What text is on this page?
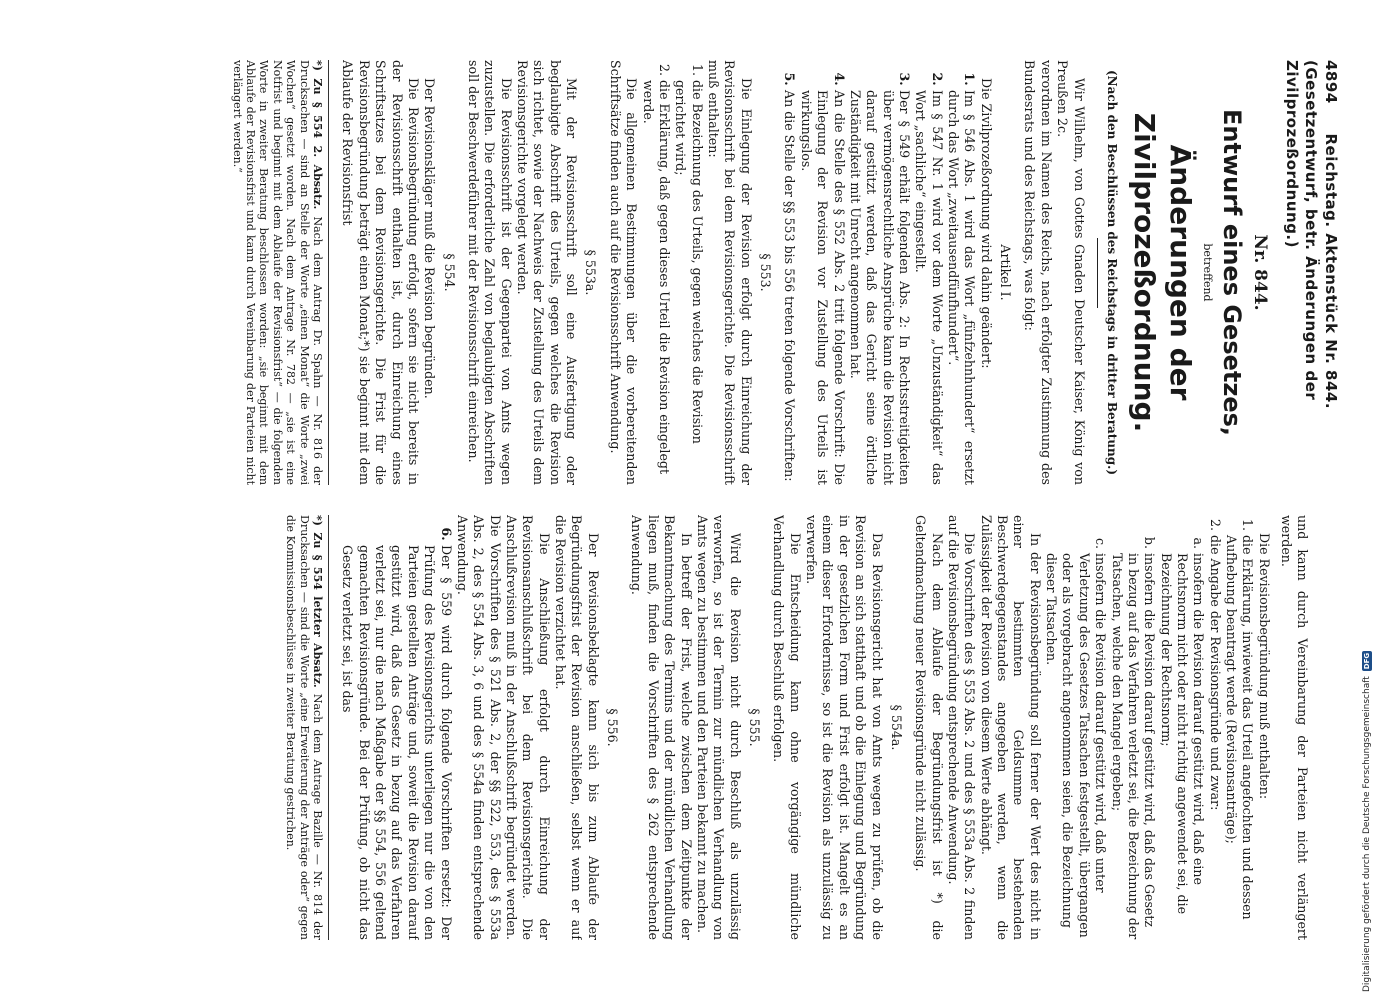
4894 Reichstag. Aktenstück Nr. 844. (Gesetzentwurf, betr. Änderungen der Zivilprozeßordnung.)
Nr. 844.
Entwurf eines Gesetzes,
betreffend
Änderungen der Zivilprozeßordnung.
(Nach den Beschlüssen des Reichstags in dritter Beratung.)

Wir Wilhelm, von Gottes Gnaden Deutscher Kaiser, König von Preußen 2c.

verordnen im Namen des Reichs, nach erfolgter Zustimmung des Bundesrats und des Reichstags, was folgt:

Artikel I.

Die Zivilprozeßordnung wird dahin geändert:

1. Im § 546 Abs. 1 wird das Wort „fünfzehnhundert“ ersetzt durch das Wort „zweitausendfünfhundert“.
2. Im § 547 Nr. 1 wird vor dem Worte „Unzuständigkeit“ das Wort „sachliche“ eingestellt.
3. Der § 549 erhält folgenden Abs. 2: In Rechtsstreitigkeiten über vermögensrechtliche Ansprüche kann die Revision nicht darauf gestützt werden, daß das Gericht seine örtliche Zuständigkeit mit Unrecht angenommen hat.
4. An die Stelle des § 552 Abs. 2 tritt folgende Vorschrift: Die Einlegung der Revision vor Zustellung des Urteils ist wirkungslos.
5. An die Stelle der §§ 553 bis 556 treten folgende Vorschriften:
§ 553.

Die Einlegung der Revision erfolgt durch Einreichung der Revisionsschrift bei dem Revisionsgerichte. Die Revisionsschrift muß enthalten:

1. die Bezeichnung des Urteils, gegen welches die Revision gerichtet wird;
2. die Erklärung, daß gegen dieses Urteil die Revision eingelegt werde.

Die allgemeinen Bestimmungen über die vorbereitenden Schriftsätze finden auch auf die Revisionsschrift Anwendung.

§ 553a.

Mit der Revisionsschrift soll eine Ausfertigung oder beglaubigte Abschrift des Urteils, gegen welches die Revision sich richtet, sowie der Nachweis der Zustellung des Urteils dem Revisionsgerichte vorgelegt werden.

Die Revisionsschrift ist der Gegenpartei von Amts wegen zuzustellen. Die erforderliche Zahl von beglaubigten Abschriften soll der Beschwerdeführer mit der Revisionsschrift einreichen.

§ 554.

Der Revisionskläger muß die Revision begründen.

Die Revisionsbegründung erfolgt, sofern sie nicht bereits in der Revisionsschrift enthalten ist, durch Einreichung eines Schriftsatzes bei dem Revisionsgerichte. Die Frist für die Revisionsbegründung beträgt einen Monat;*) sie beginnt mit dem Ablaufe der Revisionsfrist

*) Zu § 554 2. Absatz. Nach dem Antrag Dr. Spahn — Nr. 816 der Drucksachen — sind an Stelle der Worte „einen Monat“ die Worte „zwei Wochen“ gesetzt worden. Nach dem Antrage Nr. 782 — „sie ist eine Notfrist und beginnt mit dem Ablaufe der Revisionsfrist“ — die folgenden Worte in zweiter Beratung beschlossen worden: „sie beginnt mit dem Ablaufe der Revisionsfrist und kann durch Vereinbarung der Parteien nicht verlängert werden.“

und kann durch Vereinbarung der Parteien nicht verlängert werden.

Die Revisionsbegründung muß enthalten:

1. die Erklärung, inwieweit das Urteil angefochten und dessen Aufhebung beantragt werde (Revisionsanträge);
2. die Angabe der Revisionsgründe und zwar:
a. insofern die Revision darauf gestützt wird, daß eine Rechtsnorm nicht oder nicht richtig angewendet sei, die Bezeichnung der Rechtsnorm;
b. insofern die Revision darauf gestützt wird, daß das Gesetz in bezug auf das Verfahren verletzt sei, die Bezeichnung der Tatsachen, welche den Mangel ergeben;
c. insofern die Revision darauf gestützt wird, daß unter Verletzung des Gesetzes Tatsachen festgestellt, übergangen oder als vorgebracht angenommen seien, die Bezeichnung dieser Tatsachen.

In der Revisionsbegründung soll ferner der Wert des nicht in einer bestimmten Geldsumme bestehenden Beschwerdegegenstandes angegeben werden, wenn die Zulässigkeit der Revision von diesem Werte abhängt.

Die Vorschriften des § 553 Abs. 2 und des § 553a Abs. 2 finden auf die Revisionsbegründung entsprechende Anwendung.

Nach dem Ablaufe der Begründungsfrist ist *) die Geltendmachung neuer Revisionsgründe nicht zulässig.

§ 554a.

Das Revisionsgericht hat von Amts wegen zu prüfen, ob die Revision an sich statthaft und ob die Einlegung und Begründung in der gesetzlichen Form und Frist erfolgt ist. Mangelt es an einem dieser Erfordernisse, so ist die Revision als unzulässig zu verwerfen.

Die Entscheidung kann ohne vorgängige mündliche Verhandlung durch Beschluß erfolgen.

§ 555.

Wird die Revision nicht durch Beschluß als unzulässig verworfen, so ist der Termin zur mündlichen Verhandlung von Amts wegen zu bestimmen und den Parteien bekannt zu machen.

In betreff der Frist, welche zwischen dem Zeitpunkte der Bekanntmachung des Termins und der mündlichen Verhandlung liegen muß, finden die Vorschriften des § 262 entsprechende Anwendung.

§ 556.

Der Revisionsbeklagte kann sich bis zum Ablaufe der Begründungsfrist der Revision anschließen, selbst wenn er auf die Revision verzichtet hat.

Die Anschließung erfolgt durch Einreichung der Revisionsanschlußschrift bei dem Revisionsgerichte. Die Anschlußrevision muß in der Anschlußschrift begründet werden. Die Vorschriften des § 521 Abs. 2, der §§ 522, 553, des § 553a Abs. 2, des § 554 Abs. 3, 6 und des § 554a finden entsprechende Anwendung.

6. Der § 559 wird durch folgende Vorschriften ersetzt: Der Prüfung des Revisionsgerichts unterliegen nur die von den Parteien gestellten Anträge und, soweit die Revision darauf gestützt wird, daß das Gesetz in bezug auf das Verfahren verletzt sei, nur die nach Maßgabe der §§ 554, 556 geltend gemachten Revisionsgründe. Bei der Prüfung, ob nicht das Gesetz verletzt sei, ist das

*) Zu § 554 letzter Absatz. Nach dem Antrage Bazille — Nr. 814 der Drucksachen — sind die Worte „eine Erweiterung der Anträge oder“ gegen die Kommissionsbeschlüsse in zweiter Beratung gestrichen.	Digitalisierung gefördert durch die Deutsche Forschungsgemeinschaft
DFG
